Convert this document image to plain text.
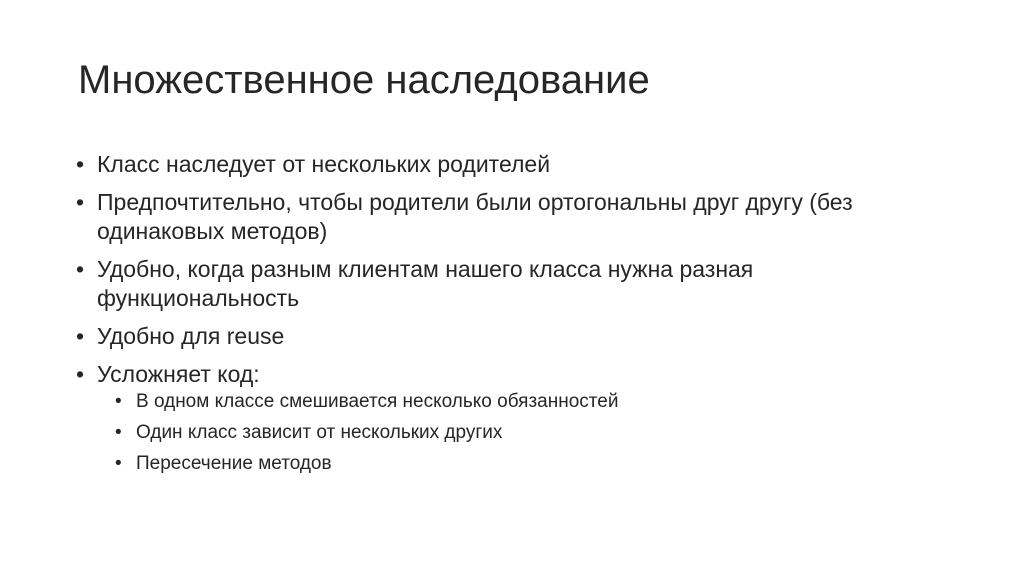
Множественное наследование
• Класс наследует от нескольких родителей
• Предпочтительно, чтобы родители были ортогональны друг другу (без одинаковых методов)
• Удобно, когда разным клиентам нашего класса нужна разная функциональность
• Удобно для reuse
• Усложняет код:
• В одном классе смешивается несколько обязанностей
• Один класс зависит от нескольких других
• Пересечение методов
